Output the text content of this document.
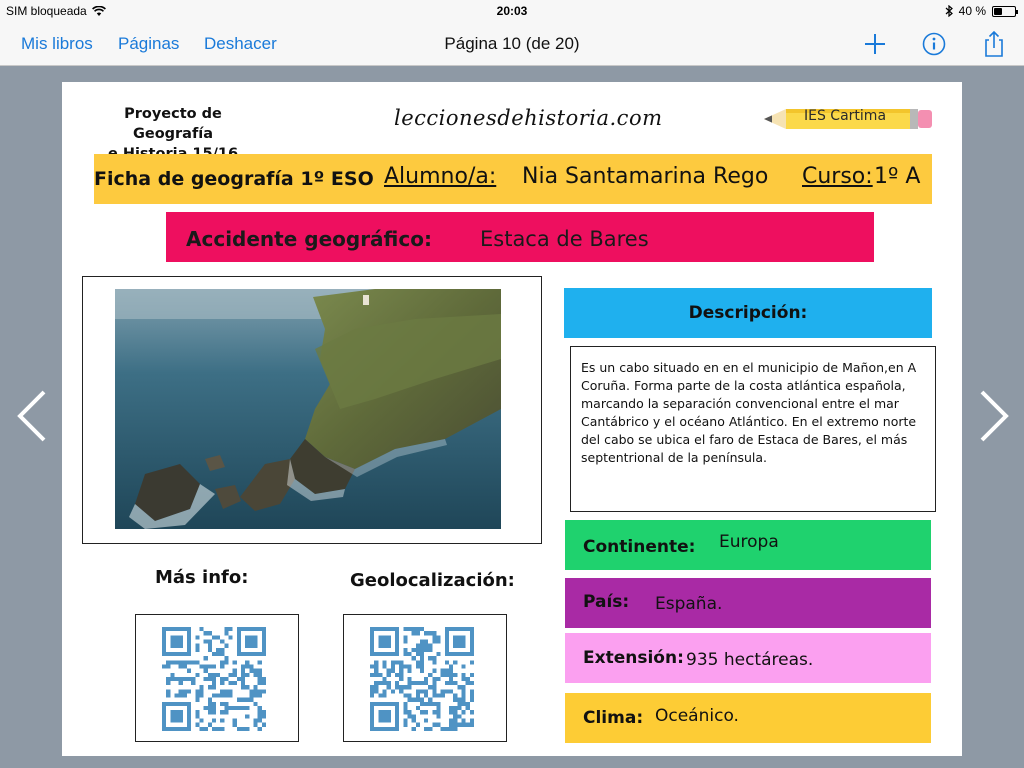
SIM bloqueada	20:03	40 %
Mis libros Páginas Deshacer	Página 10 (de 20)
Proyecto de Geografía
leccionesdehistoria.com	IES Cartima
Ficha de geografía 1º ESO Alumno/a: Nia Santamarina Rego Curso: 1º A
Accidente geográfico: Estaca de Bares
Descripción:
Es un cabo situado en en el municipio de Mañon,en A Coruña. Forma parte de la costa atlántica española, marcando la separación convencional entre el mar Cantábrico y el océano Atlántico. En el extremo norte del cabo se ubica el faro de Estaca de Bares, el más septentrional de la península.
Continente: Europa
País: España.
Extensión: 935 hectáreas.
Clima: Oceánico.
Más info:	Geolocalización:
